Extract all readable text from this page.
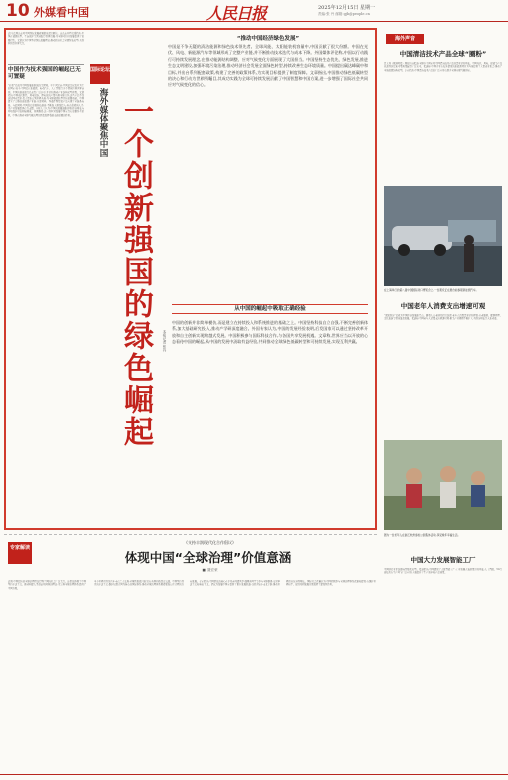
10 外媒看中国	人民日报	2025年12月15日 星期一
责编:张 丹 邮箱:gjb@people.cn
近日,法国杂志对中国绿色发展成果做出深度解读。该杂志刊登文章指出,中国在能源转型、生态保护等领域取得显著进展,为全球可持续发展提供了重要借鉴。文章认为中国坚持绿色发展理念,推动经济社会全面绿色转型,其经验值得世界关注。
中国作为技术强国的崛起已无可置疑
“转折”已成为中国发展新阶段的关键词。半个世纪前,中国还是以农业为主的国家;如今,中国已在新能源、电动汽车、人工智能等多个领域位居世界前列。中国的创新能力已获得广泛认可,并持续推动产业结构转型升级。文章指出,中国光伏组件、风电设备、锂电池的产量均居全球首位,这些产品不仅满足国内需求,也大量出口到世界各地,为全球能源转型作出重要贡献。中国建立了完整的新能源产业链,从原材料、零部件到终端产品实现了全链条布局。与此同时,中国高度重视科技创新,不断加大研发投入,培养高素质人才,为产业发展提供有力支撑。分析人士认为,中国的发展道路证明,经济增长与环境保护可以相辅相成、协调推进,这一经验对发展中国家具有重要参考价值。中国在推动全球气候治理方面也发挥着越来越重要的作用。
国际论坛
海外媒体聚焦中国 一个创新强国的绿色崛起	本报记者 张丹
“推动中国经济绿色发展”
中国是不争无疑的清洁能源和绿色技术领先者。全球风能、太阳能装机容量中,中国贡献了很大份额。中国在光伏、风电、新能源汽车等领域形成了完整产业链,并不断推动技术迭代与成本下降。外国媒体评论称,中国以行动践行可持续发展理念,在推动能源结构调整、应对气候变化方面展现了大国担当。中国坚持生态优先、绿色发展,推进生态文明建设,加强环境污染治理,推动经济社会发展全面绿色转型,持续改善生态环境质量。中国提出碳达峰碳中和目标,并出台系列配套政策,构建了完善的政策体系,为实现目标提供了制度保障。文章指出,中国推动绿色低碳转型的决心和行动为世界所瞩目,其成功实践为全球可持续发展贡献了中国智慧和中国方案,进一步增强了国际社会共同应对气候变化的信心。
从中国的崛起中吸取正确经验
中国的创新并非简单模仿,而是建立在持续投入和系统推进的基础之上。中国坚持科技自立自强,不断完善创新体系,加大基础研究投入,推动产学研深度融合。外国专家认为,中国的发展经验表明,后发国家可以通过坚持改革开放和自主创新实现跨越式发展。中国积极参与国际科技合作,与各国共享发展机遇。文章称,世界应当以开放的心态看待中国的崛起,从中国的发展中汲取有益经验,共同推动全球绿色低碳转型和可持续发展,实现互利共赢。
海外声音
中国清洁技术产品全球“圈粉”
意大利《欧洲时报》网站日前报道,全球多个国家对中国清洁技术产品的需求持续增长。中国光伏、风电、储能等产品以高性价比和可靠质量赢得广泛认可。报道称,中国企业在海外建设的新能源项目为当地提供了大量就业机会,推动了当地能源结构转型。专家指出,中国清洁技术产品的广泛应用有助于全球实现气候目标。
在上海举行的第八届中国国际进口博览会上,一位观众正在展台前参观新能源汽车。
中国老年人消费支出增速可观
“银发经济”已成为中国经济发展新亮点。随着人口老龄化程度加深,老年人消费需求持续释放,养老服务、健康管理、文化旅游等领域蓬勃发展。报道称,中国老年人消费支出增速可观,相关产业规模不断扩大,为经济增长注入新动能。
图为一位老年人在浙江杭州参加公园集体活动,享受晚年幸福生活。
中国大力发展智能工厂
中国制造业正加速向智能化转型。报道指出,中国建设了大批智能工厂,工业机器人装机量持续增长,人工智能、5G等新技术在生产环节广泛应用,大幅提升了生产效率和产品质量。
专家解读
《支持丰润现代化合作倡议》
体现中国“全球治理”价值意涵
■ 聂宏荣
近期,中国提出的全球治理倡议得到了国际社会广泛关注。该倡议体现了中国坚持多边主义、推动构建人类命运共同体的理念,为完善全球治理体系提供了中国方案。
当今世界正经历百年未有之大变局,全球性挑战日益突出,各国利益深度交融。中国坚持真正的多边主义,维护以联合国为核心的国际体系,推动全球治理体系朝着更加公正合理的方向发展。专家指出,中国倡议的核心在于共商共建共享,强调各国平等参与全球事务,反对单边主义和霸权主义。倡议为发展中国家提供了更多发展机遇,有助于缩小南北差距,推动世界经济包容性增长。国际社会普遍认为,中国积极参与全球治理体系改革和建设,在维护世界和平、促进共同发展方面发挥了建设性作用。
